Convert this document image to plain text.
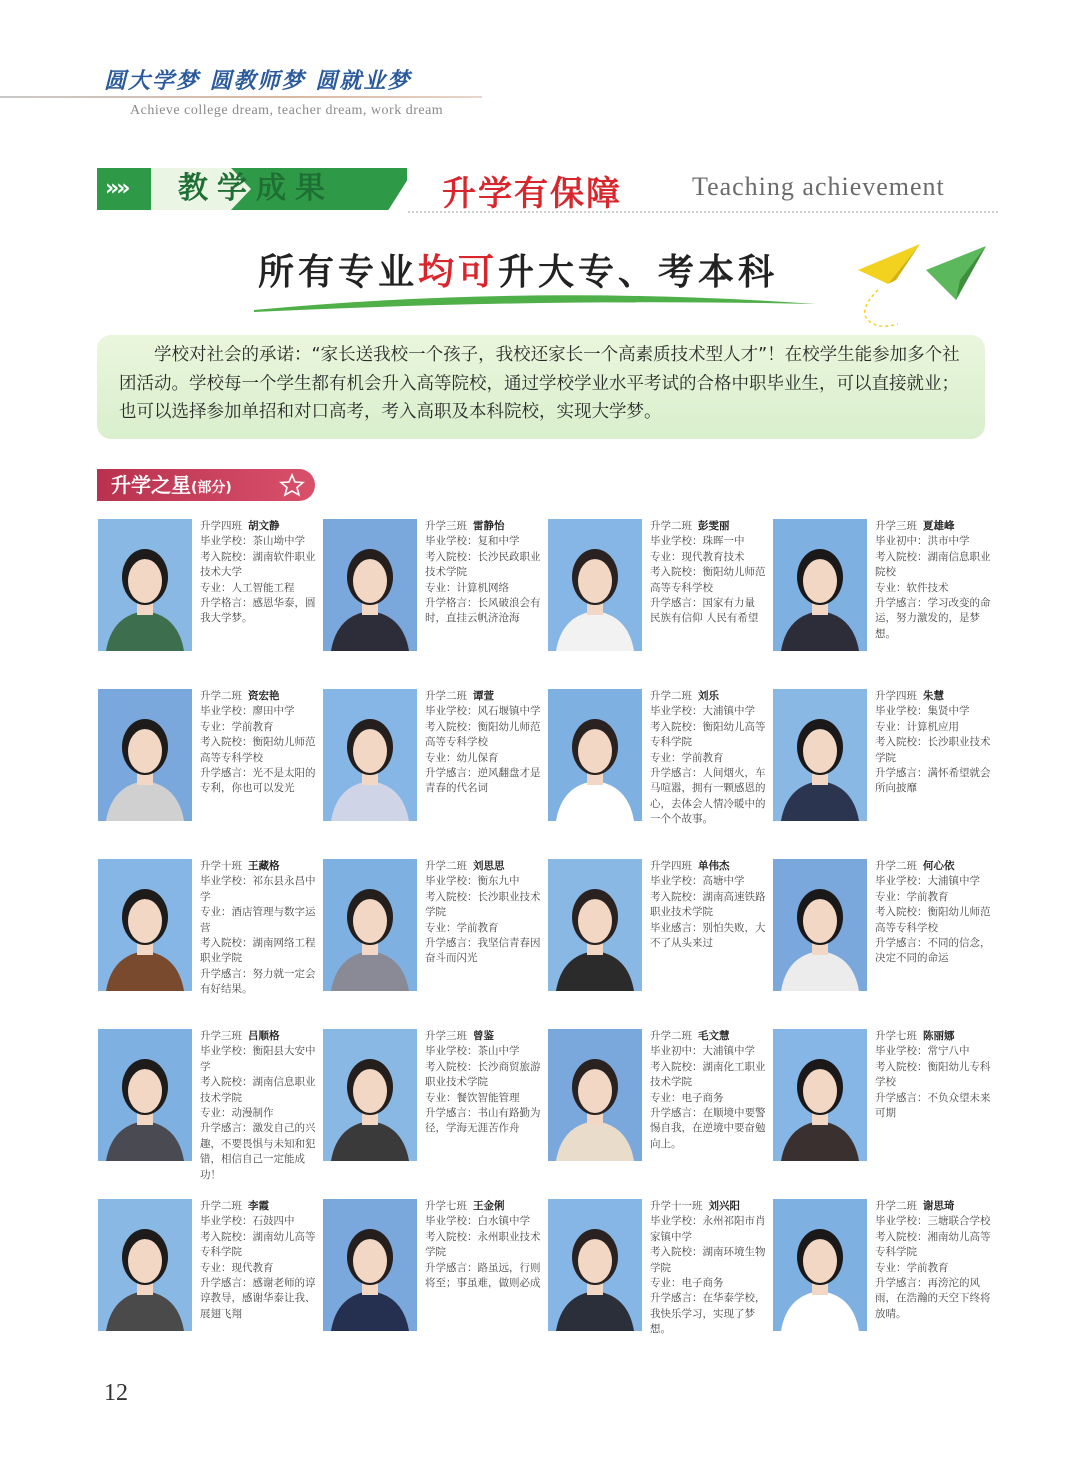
圆大学梦 圆教师梦 圆就业梦
Achieve college dream, teacher dream, work dream
»»	教学成果	升学有保障	Teaching achievement
所有专业均可升大专、考本科

学校对社会的承诺：“家长送我校一个孩子，我校还家长一个高素质技术型人才”！在校学生能参加多个社团活动。学校每一个学生都有机会升入高等院校，通过学校学业水平考试的合格中职毕业生，可以直接就业；也可以选择参加单招和对口高考，考入高职及本科院校，实现大学梦。

升学之星(部分)
升学四班 胡文静
毕业学校：茶山坳中学
考入院校：湖南软件职业技术大学
专业：人工智能工程
升学格言：感恩华泰，圆我大学梦。
升学三班 雷静怡
毕业学校：复和中学
考入院校：长沙民政职业技术学院
专业：计算机网络
升学格言：长风破浪会有时，直挂云帆济沧海
升学二班 彭雯丽
毕业学校：珠晖一中
专业：现代教育技术
考入院校：衡阳幼儿师范高等专科学校
升学感言：国家有力量 民族有信仰 人民有希望
升学三班 夏雄峰
毕业初中：洪市中学
考入院校：湖南信息职业院校
专业：软件技术
升学感言：学习改变的命运，努力激发的，是梦想。
升学二班 资宏艳
毕业学校：廖田中学
专业：学前教育
考入院校：衡阳幼儿师范高等专科学校
升学感言：光不是太阳的专利，你也可以发光
升学二班 谭萱
毕业学校：风石堰镇中学
考入院校：衡阳幼儿师范高等专科学校
专业：幼儿保育
升学感言：逆风翻盘才是青春的代名词
升学二班 刘乐
毕业学校：大浦镇中学
考入院校：衡阳幼儿高等专科学院
专业：学前教育
升学感言：人间烟火，车马喧嚣，拥有一颗感恩的心，去体会人情冷暖中的一个个故事。
升学四班 朱慧
毕业学校：集贤中学
专业：计算机应用
考入院校：长沙职业技术学院
升学感言：满怀希望就会所向披靡
升学十班 王藏格
毕业学校：祁东县永昌中学
专业：酒店管理与数字运营
考入院校：湖南网络工程职业学院
升学感言：努力就一定会有好结果。
升学二班 刘思思
毕业学校：衡东九中
考入院校：长沙职业技术学院
专业：学前教育
升学感言：我坚信青春因奋斗而闪光
升学四班 单伟杰
毕业学校：高塘中学
考入院校：湖南高速铁路职业技术学院
毕业感言：别怕失败，大不了从头来过
升学二班 何心依
毕业学校：大浦镇中学
专业：学前教育
考入院校：衡阳幼儿师范高等专科学校
升学感言：不同的信念，决定不同的命运
升学三班 吕顺格
毕业学校：衡阳县大安中学
考入院校：湖南信息职业技术学院
专业：动漫制作
升学感言：激发自己的兴趣，不要畏惧与未知和犯错，相信自己一定能成功！
升学三班 曾鉴
毕业学校：茶山中学
考入院校：长沙商贸旅游职业技术学院
专业：餐饮智能管理
升学感言：书山有路勤为径，学海无涯苦作舟
升学二班 毛文慧
毕业初中：大浦镇中学
考入院校：湖南化工职业技术学院
专业：电子商务
升学感言：在顺境中要警惕自我，在逆境中要奋勉向上。
升学七班 陈丽娜
毕业学校：常宁八中
考入院校：衡阳幼儿专科学校
升学感言：不负众望未来可期
升学二班 李霞
毕业学校：石鼓四中
考入院校：湖南幼儿高等专科学院
专业：现代教育
升学感言：感谢老师的谆谆教导，感谢华泰让我、展翅飞翔
升学七班 王金俐
毕业学校：白水镇中学
考入院校：永州职业技术学院
升学感言：路虽远，行则将至；事虽难，做则必成
升学十一班 刘兴阳
毕业学校：永州祁阳市肖家镇中学
考入院校：湖南环境生物学院
专业：电子商务
升学感言：在华泰学校，我快乐学习，实现了梦想。
升学二班 谢思琦
毕业学校：三塘联合学校
考入院校：湘南幼儿高等专科学院
专业：学前教育
升学感言：再滂沱的风雨，在浩瀚的天空下终将放晴。
12
